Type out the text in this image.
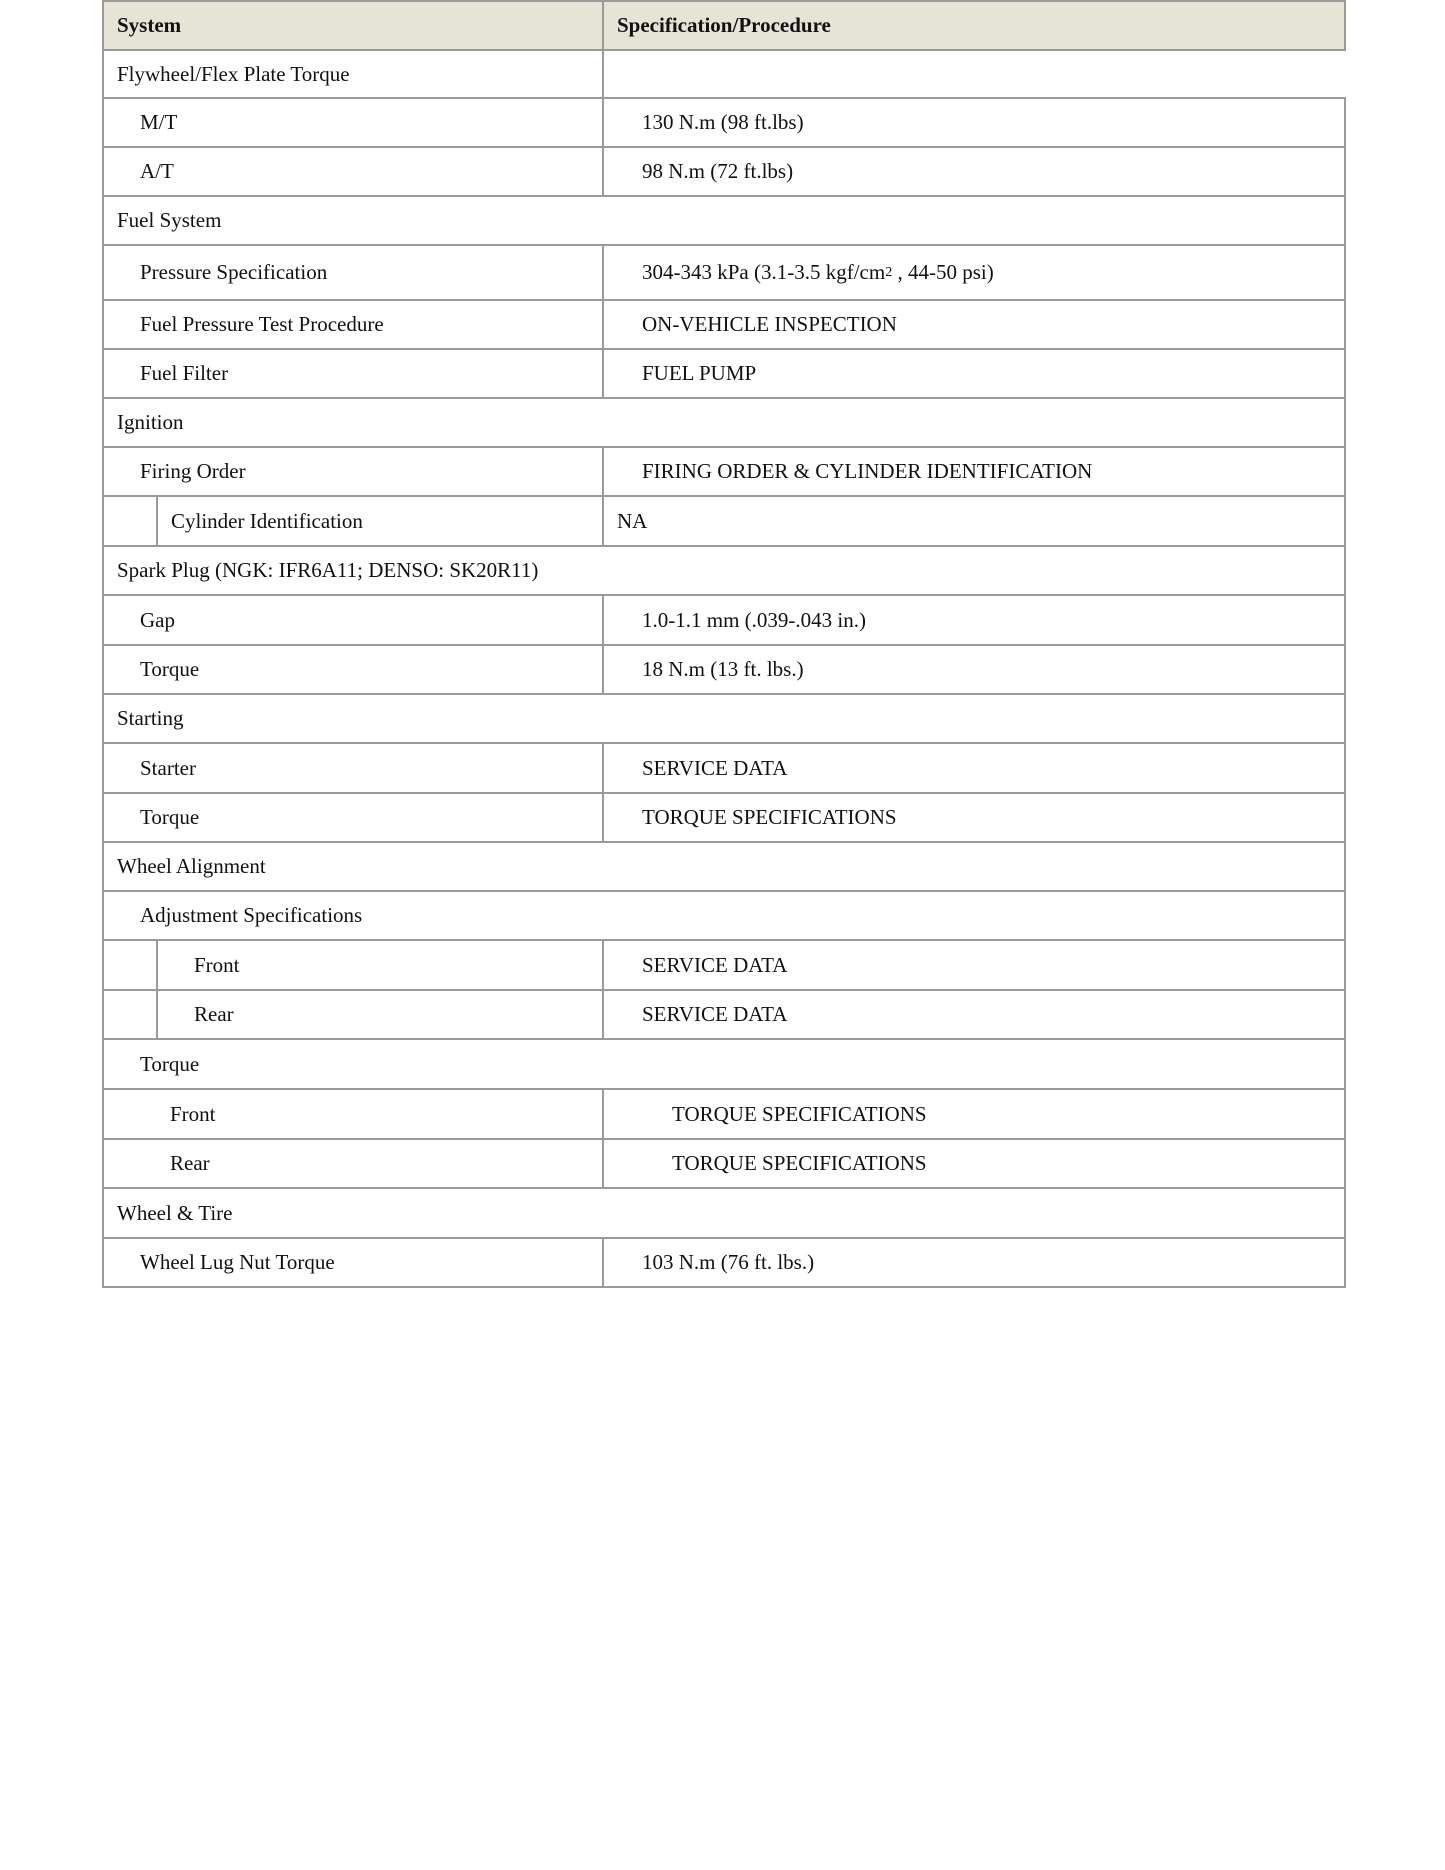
System	Specification/Procedure
Flywheel/Flex Plate Torque
M/T	130 N.m (98 ft.lbs)
A/T	98 N.m (72 ft.lbs)
Fuel System
Pressure Specification	304-343 kPa (3.1-3.5 kgf/cm 2 , 44-50 psi)
Fuel Pressure Test Procedure	ON-VEHICLE INSPECTION
Fuel Filter	FUEL PUMP
Ignition
Firing Order	FIRING ORDER & CYLINDER IDENTIFICATION
Cylinder Identification	NA
Spark Plug (NGK: IFR6A11; DENSO: SK20R11)
Gap	1.0-1.1 mm (.039-.043 in.)
Torque	18 N.m (13 ft. lbs.)
Starting
Starter	SERVICE DATA
Torque	TORQUE SPECIFICATIONS
Wheel Alignment
Adjustment Specifications
Front	SERVICE DATA
Rear	SERVICE DATA
Torque
Front	TORQUE SPECIFICATIONS
Rear	TORQUE SPECIFICATIONS
Wheel & Tire
Wheel Lug Nut Torque	103 N.m (76 ft. lbs.)
